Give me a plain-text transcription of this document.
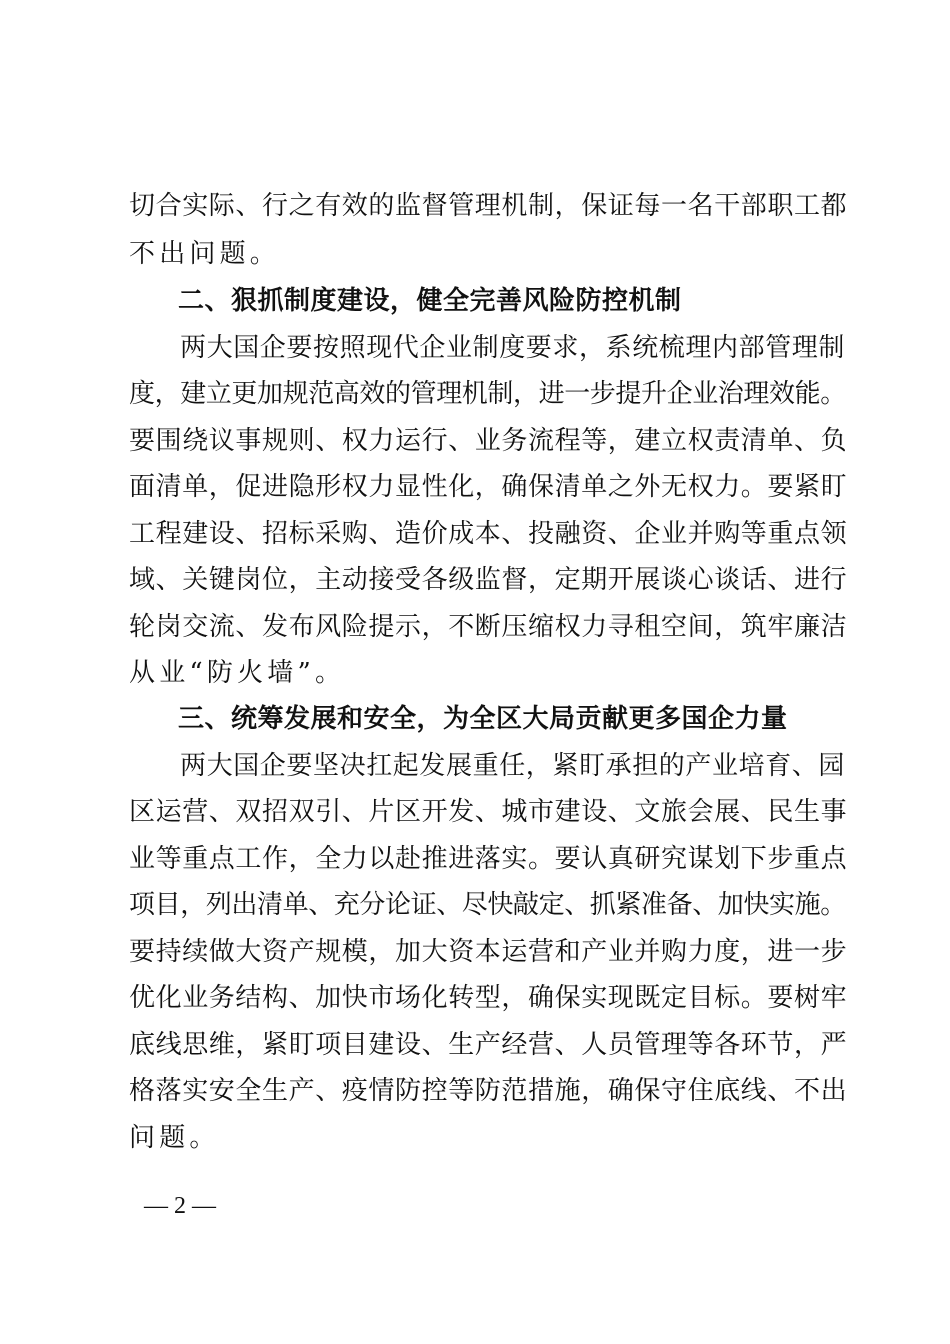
切合实际、行之有效的监督管理机制，保证每一名干部职工都
不出问题。
二、狠抓制度建设，健全完善风险防控机制
两大国企要按照现代企业制度要求，系统梳理内部管理制
度，建立更加规范高效的管理机制，进一步提升企业治理效能。
要围绕议事规则、权力运行、业务流程等，建立权责清单、负
面清单，促进隐形权力显性化，确保清单之外无权力。要紧盯
工程建设、招标采购、造价成本、投融资、企业并购等重点领
域、关键岗位，主动接受各级监督，定期开展谈心谈话、进行
轮岗交流、发布风险提示，不断压缩权力寻租空间，筑牢廉洁
从业“防火墙”。
三、统筹发展和安全，为全区大局贡献更多国企力量
两大国企要坚决扛起发展重任，紧盯承担的产业培育、园
区运营、双招双引、片区开发、城市建设、文旅会展、民生事
业等重点工作，全力以赴推进落实。要认真研究谋划下步重点
项目，列出清单、充分论证、尽快敲定、抓紧准备、加快实施。
要持续做大资产规模，加大资本运营和产业并购力度，进一步
优化业务结构、加快市场化转型，确保实现既定目标。要树牢
底线思维，紧盯项目建设、生产经营、人员管理等各环节，严
格落实安全生产、疫情防控等防范措施，确保守住底线、不出
问题。
— 2 —
